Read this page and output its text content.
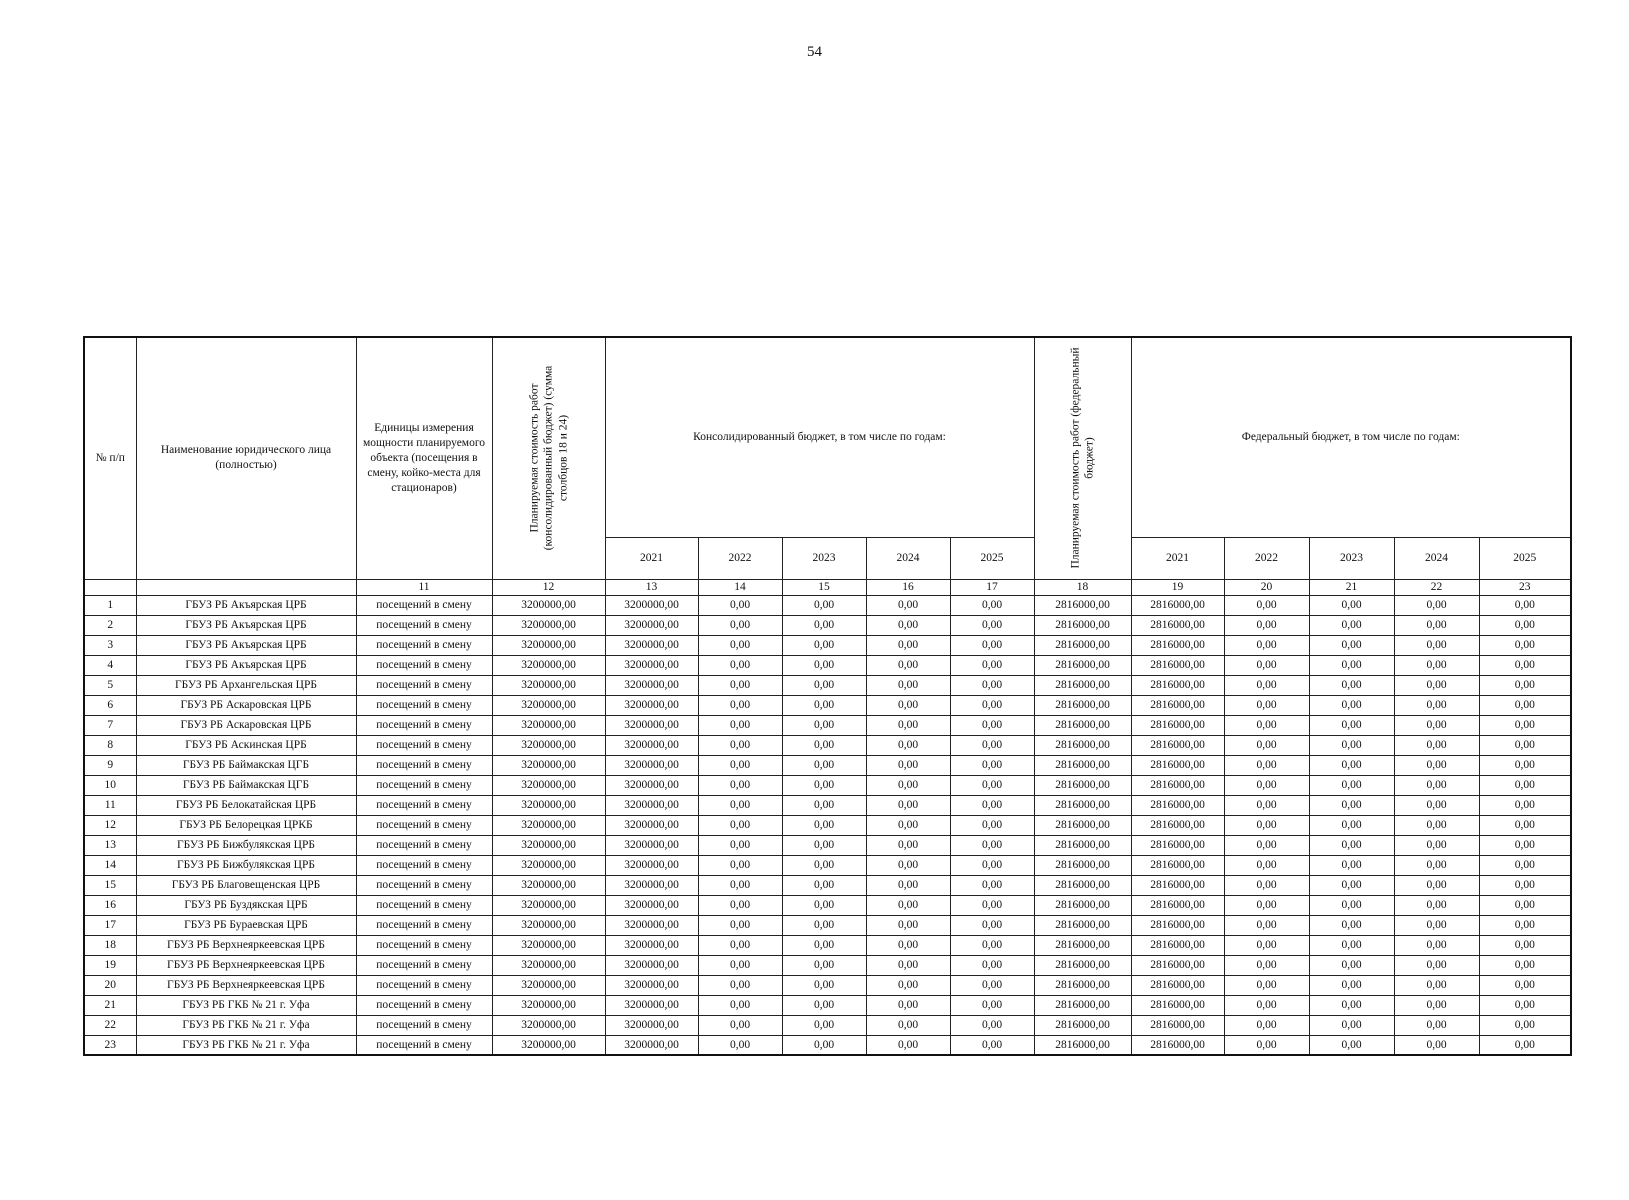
54
№ п/п	Наименование юридического лица (полностью)	Единицы измерения мощности планируемого объекта (посещения в смену, койко-места для стационаров)	Планируемая стоимость работ (консолидированный бюджет) (сумма столбцов 18 и 24)	Консолидированный бюджет, в том числе по годам:					Планируемая стоимость работ (федеральный бюджет)	Федеральный бюджет, в том числе по годам:				
				2021	2022	2023	2024	2025		2021	2022	2023	2024	2025
		11	12	13	14	15	16	17	18	19	20	21	22	23
1	ГБУЗ РБ Акъярская ЦРБ	посещений в смену	3200000,00	3200000,00	0,00	0,00	0,00	0,00	2816000,00	2816000,00	0,00	0,00	0,00	0,00
2	ГБУЗ РБ Акъярская ЦРБ	посещений в смену	3200000,00	3200000,00	0,00	0,00	0,00	0,00	2816000,00	2816000,00	0,00	0,00	0,00	0,00
3	ГБУЗ РБ Акъярская ЦРБ	посещений в смену	3200000,00	3200000,00	0,00	0,00	0,00	0,00	2816000,00	2816000,00	0,00	0,00	0,00	0,00
4	ГБУЗ РБ Акъярская ЦРБ	посещений в смену	3200000,00	3200000,00	0,00	0,00	0,00	0,00	2816000,00	2816000,00	0,00	0,00	0,00	0,00
5	ГБУЗ РБ Архангельская ЦРБ	посещений в смену	3200000,00	3200000,00	0,00	0,00	0,00	0,00	2816000,00	2816000,00	0,00	0,00	0,00	0,00
6	ГБУЗ РБ Аскаровская ЦРБ	посещений в смену	3200000,00	3200000,00	0,00	0,00	0,00	0,00	2816000,00	2816000,00	0,00	0,00	0,00	0,00
7	ГБУЗ РБ Аскаровская ЦРБ	посещений в смену	3200000,00	3200000,00	0,00	0,00	0,00	0,00	2816000,00	2816000,00	0,00	0,00	0,00	0,00
8	ГБУЗ РБ Аскинская ЦРБ	посещений в смену	3200000,00	3200000,00	0,00	0,00	0,00	0,00	2816000,00	2816000,00	0,00	0,00	0,00	0,00
9	ГБУЗ РБ Баймакская ЦГБ	посещений в смену	3200000,00	3200000,00	0,00	0,00	0,00	0,00	2816000,00	2816000,00	0,00	0,00	0,00	0,00
10	ГБУЗ РБ Баймакская ЦГБ	посещений в смену	3200000,00	3200000,00	0,00	0,00	0,00	0,00	2816000,00	2816000,00	0,00	0,00	0,00	0,00
11	ГБУЗ РБ Белокатайская ЦРБ	посещений в смену	3200000,00	3200000,00	0,00	0,00	0,00	0,00	2816000,00	2816000,00	0,00	0,00	0,00	0,00
12	ГБУЗ РБ Белорецкая ЦРКБ	посещений в смену	3200000,00	3200000,00	0,00	0,00	0,00	0,00	2816000,00	2816000,00	0,00	0,00	0,00	0,00
13	ГБУЗ РБ Бижбулякская ЦРБ	посещений в смену	3200000,00	3200000,00	0,00	0,00	0,00	0,00	2816000,00	2816000,00	0,00	0,00	0,00	0,00
14	ГБУЗ РБ Бижбулякская ЦРБ	посещений в смену	3200000,00	3200000,00	0,00	0,00	0,00	0,00	2816000,00	2816000,00	0,00	0,00	0,00	0,00
15	ГБУЗ РБ Благовещенская ЦРБ	посещений в смену	3200000,00	3200000,00	0,00	0,00	0,00	0,00	2816000,00	2816000,00	0,00	0,00	0,00	0,00
16	ГБУЗ РБ Буздякская ЦРБ	посещений в смену	3200000,00	3200000,00	0,00	0,00	0,00	0,00	2816000,00	2816000,00	0,00	0,00	0,00	0,00
17	ГБУЗ РБ Бураевская ЦРБ	посещений в смену	3200000,00	3200000,00	0,00	0,00	0,00	0,00	2816000,00	2816000,00	0,00	0,00	0,00	0,00
18	ГБУЗ РБ Верхнеяркеевская ЦРБ	посещений в смену	3200000,00	3200000,00	0,00	0,00	0,00	0,00	2816000,00	2816000,00	0,00	0,00	0,00	0,00
19	ГБУЗ РБ Верхнеяркеевская ЦРБ	посещений в смену	3200000,00	3200000,00	0,00	0,00	0,00	0,00	2816000,00	2816000,00	0,00	0,00	0,00	0,00
20	ГБУЗ РБ Верхнеяркеевская ЦРБ	посещений в смену	3200000,00	3200000,00	0,00	0,00	0,00	0,00	2816000,00	2816000,00	0,00	0,00	0,00	0,00
21	ГБУЗ РБ ГКБ № 21 г. Уфа	посещений в смену	3200000,00	3200000,00	0,00	0,00	0,00	0,00	2816000,00	2816000,00	0,00	0,00	0,00	0,00
22	ГБУЗ РБ ГКБ № 21 г. Уфа	посещений в смену	3200000,00	3200000,00	0,00	0,00	0,00	0,00	2816000,00	2816000,00	0,00	0,00	0,00	0,00
23	ГБУЗ РБ ГКБ № 21 г. Уфа	посещений в смену	3200000,00	3200000,00	0,00	0,00	0,00	0,00	2816000,00	2816000,00	0,00	0,00	0,00	0,00
